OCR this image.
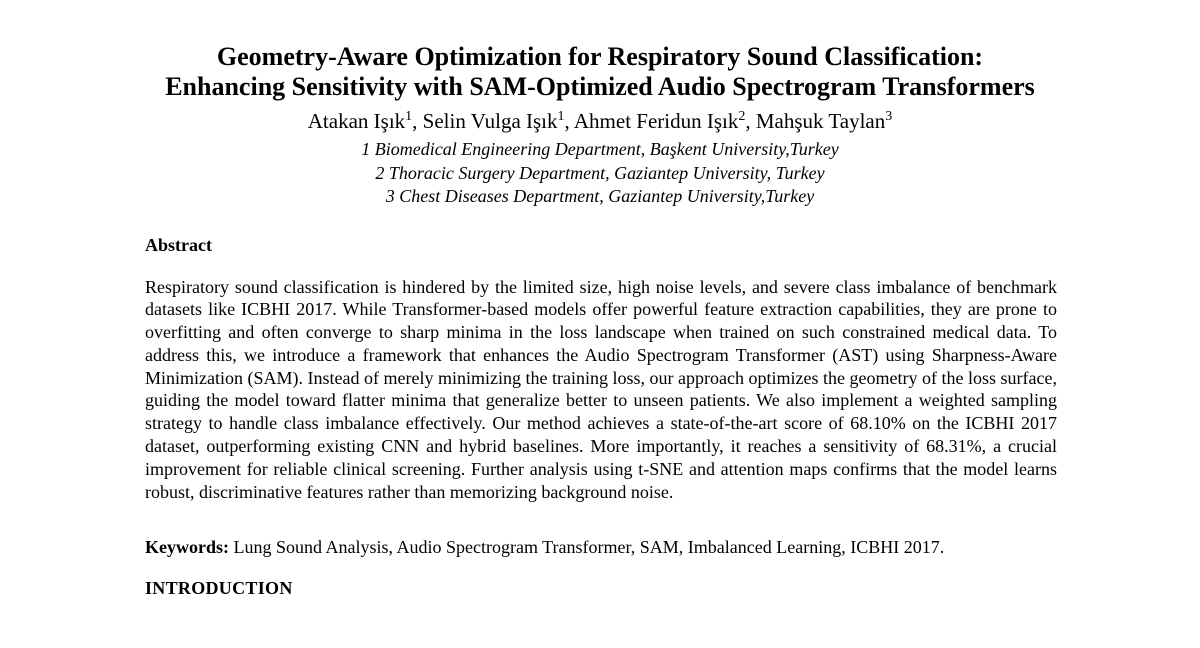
Geometry-Aware Optimization for Respiratory Sound Classification: Enhancing Sensitivity with SAM-Optimized Audio Spectrogram Transformers
Atakan Işık$^1$, Selin Vulga Işık$^1$, Ahmet Feridun Işık$^2$, Mahşuk Taylan$^3$
1 Biomedical Engineering Department, Başkent University,Turkey
2 Thoracic Surgery Department, Gaziantep University, Turkey
3 Chest Diseases Department, Gaziantep University,Turkey
Abstract

Respiratory sound classification is hindered by the limited size, high noise levels, and severe class imbalance of benchmark datasets like ICBHI 2017. While Transformer-based models offer powerful feature extraction capabilities, they are prone to overfitting and often converge to sharp minima in the loss landscape when trained on such constrained medical data. To address this, we introduce a framework that enhances the Audio Spectrogram Transformer (AST) using Sharpness-Aware Minimization (SAM). Instead of merely minimizing the training loss, our approach optimizes the geometry of the loss surface, guiding the model toward flatter minima that generalize better to unseen patients. We also implement a weighted sampling strategy to handle class imbalance effectively. Our method achieves a state-of-the-art score of 68.10% on the ICBHI 2017 dataset, outperforming existing CNN and hybrid baselines. More importantly, it reaches a sensitivity of 68.31%, a crucial improvement for reliable clinical screening. Further analysis using t-SNE and attention maps confirms that the model learns robust, discriminative features rather than memorizing background noise.

Keywords: Lung Sound Analysis, Audio Spectrogram Transformer, SAM, Imbalanced Learning, ICBHI 2017.

INTRODUCTION
